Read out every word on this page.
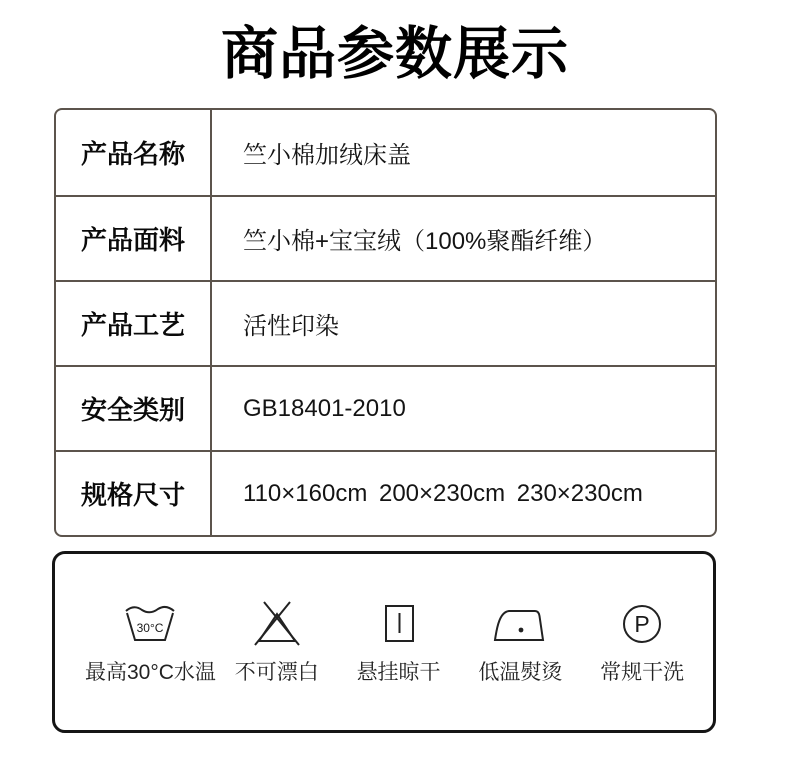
商品参数展示
产品名称	竺小棉加绒床盖
产品面料	竺小棉+宝宝绒（100%聚酯纤维）
产品工艺	活性印染
安全类别	GB18401-2010
规格尺寸	110×160cm 200×230cm 230×230cm
30°C
最高30°C水温 不可漂白 悬挂晾干 低温熨烫
P
常规干洗
